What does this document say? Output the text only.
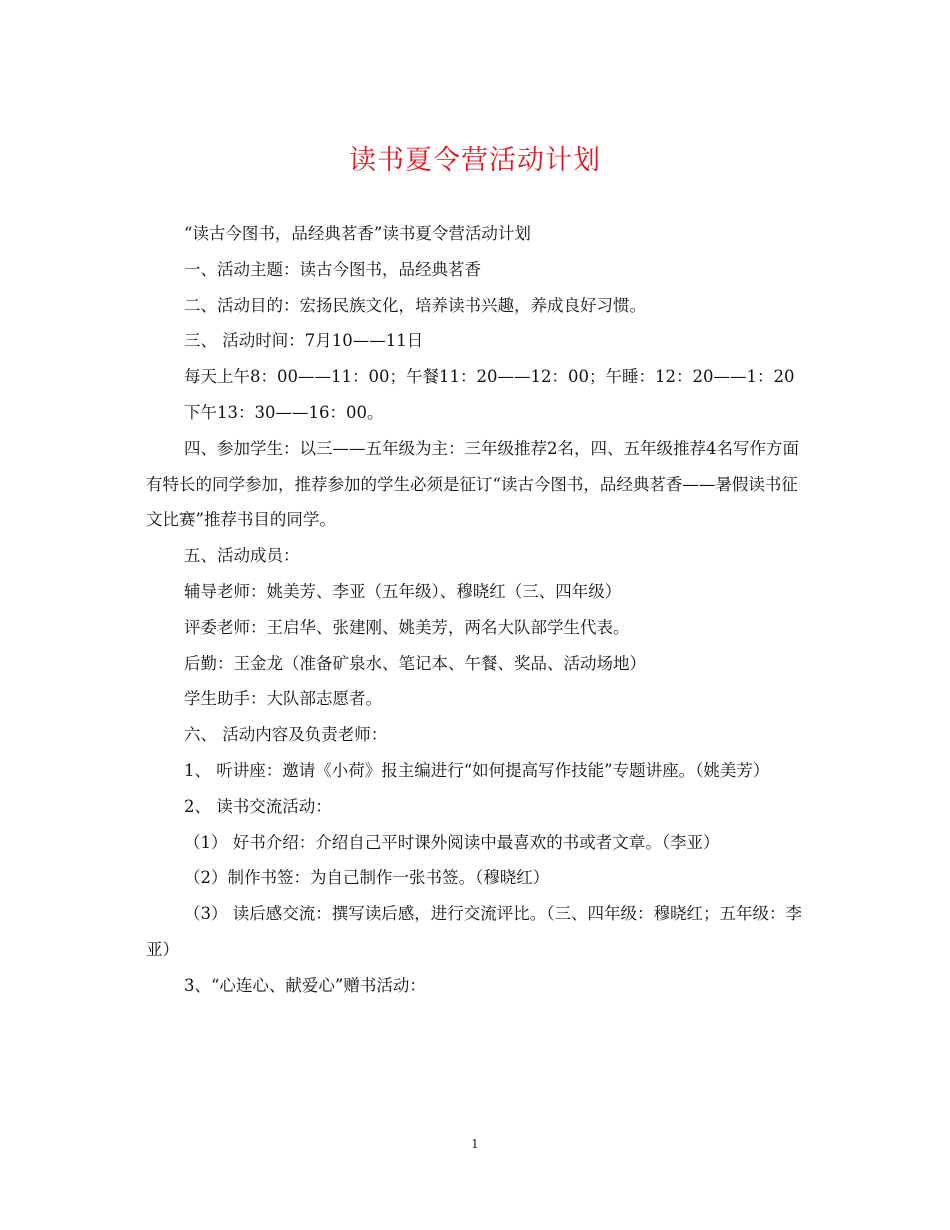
读书夏令营活动计划

“读古今图书，品经典茗香”读书夏令营活动计划

一、活动主题：读古今图书，品经典茗香

二、活动目的：宏扬民族文化，培养读书兴趣，养成良好习惯。

三、 活动时间：7月10——11日

每天上午8：00——11：00；午餐11：20——12：00；午睡：12：20——1：20

下午13：30——16：00。

四、参加学生：以三——五年级为主：三年级推荐2名，四、五年级推荐4名写作方面有特长的同学参加，推荐参加的学生必须是征订“读古今图书，品经典茗香——暑假读书征文比赛”推荐书目的同学。

五、活动成员：

辅导老师：姚美芳、李亚（五年级）、穆晓红（三、四年级）

评委老师：王启华、张建刚、姚美芳，两名大队部学生代表。

后勤：王金龙（准备矿泉水、笔记本、午餐、奖品、活动场地）

学生助手：大队部志愿者。

六、 活动内容及负责老师：

1、 听讲座：邀请《小荷》报主编进行“如何提高写作技能”专题讲座。（姚美芳）

2、 读书交流活动：

（1） 好书介绍：介绍自己平时课外阅读中最喜欢的书或者文章。（李亚）

（2）制作书签：为自己制作一张书签。（穆晓红）

（3） 读后感交流：撰写读后感，进行交流评比。（三、四年级：穆晓红；五年级：李亚）

3、“心连心、献爱心”赠书活动：

1
